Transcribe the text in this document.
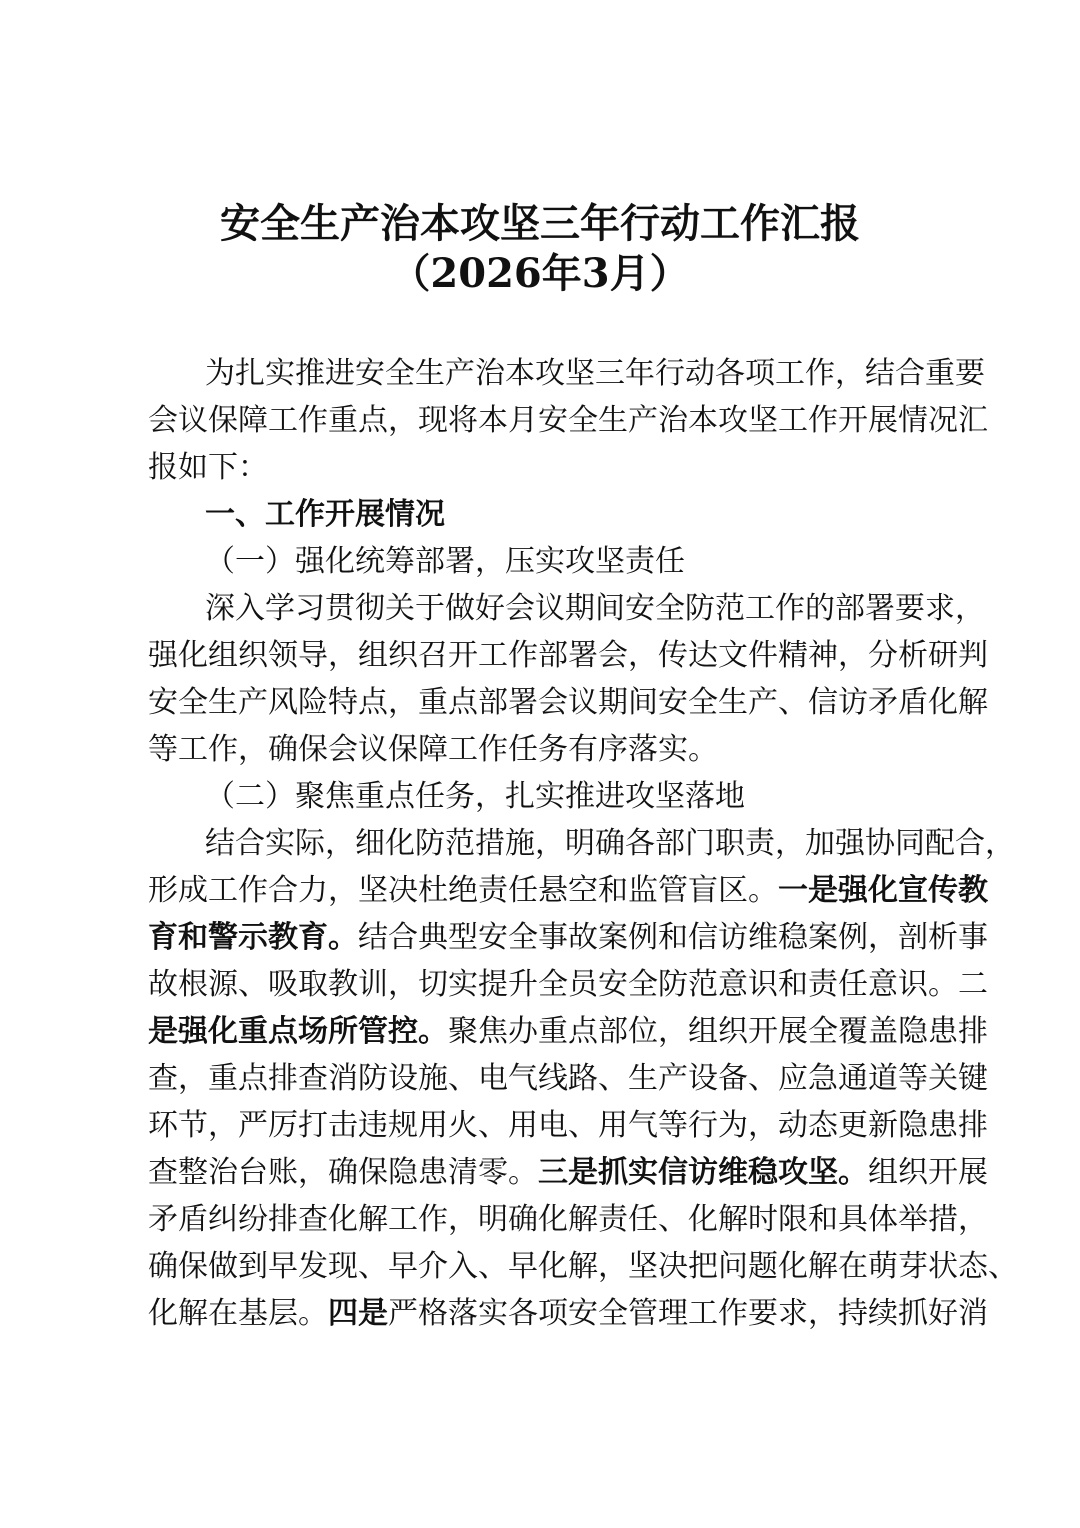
安全生产治本攻坚三年行动工作汇报
（2026年3月）
为扎实推进安全生产治本攻坚三年行动各项工作，结合重要
会议保障工作重点，现将本月安全生产治本攻坚工作开展情况汇
报如下：
一、工作开展情况
（一）强化统筹部署，压实攻坚责任
深入学习贯彻关于做好会议期间安全防范工作的部署要求，
强化组织领导，组织召开工作部署会，传达文件精神，分析研判
安全生产风险特点，重点部署会议期间安全生产、信访矛盾化解
等工作，确保会议保障工作任务有序落实。
（二）聚焦重点任务，扎实推进攻坚落地
结合实际，细化防范措施，明确各部门职责，加强协同配合，
形成工作合力，坚决杜绝责任悬空和监管盲区。一是强化宣传教
育和警示教育。结合典型安全事故案例和信访维稳案例，剖析事
故根源、吸取教训，切实提升全员安全防范意识和责任意识。二
是强化重点场所管控。聚焦办重点部位，组织开展全覆盖隐患排
查，重点排查消防设施、电气线路、生产设备、应急通道等关键
环节，严厉打击违规用火、用电、用气等行为，动态更新隐患排
查整治台账，确保隐患清零。三是抓实信访维稳攻坚。组织开展
矛盾纠纷排查化解工作，明确化解责任、化解时限和具体举措，
确保做到早发现、早介入、早化解，坚决把问题化解在萌芽状态、
化解在基层。四是严格落实各项安全管理工作要求，持续抓好消
